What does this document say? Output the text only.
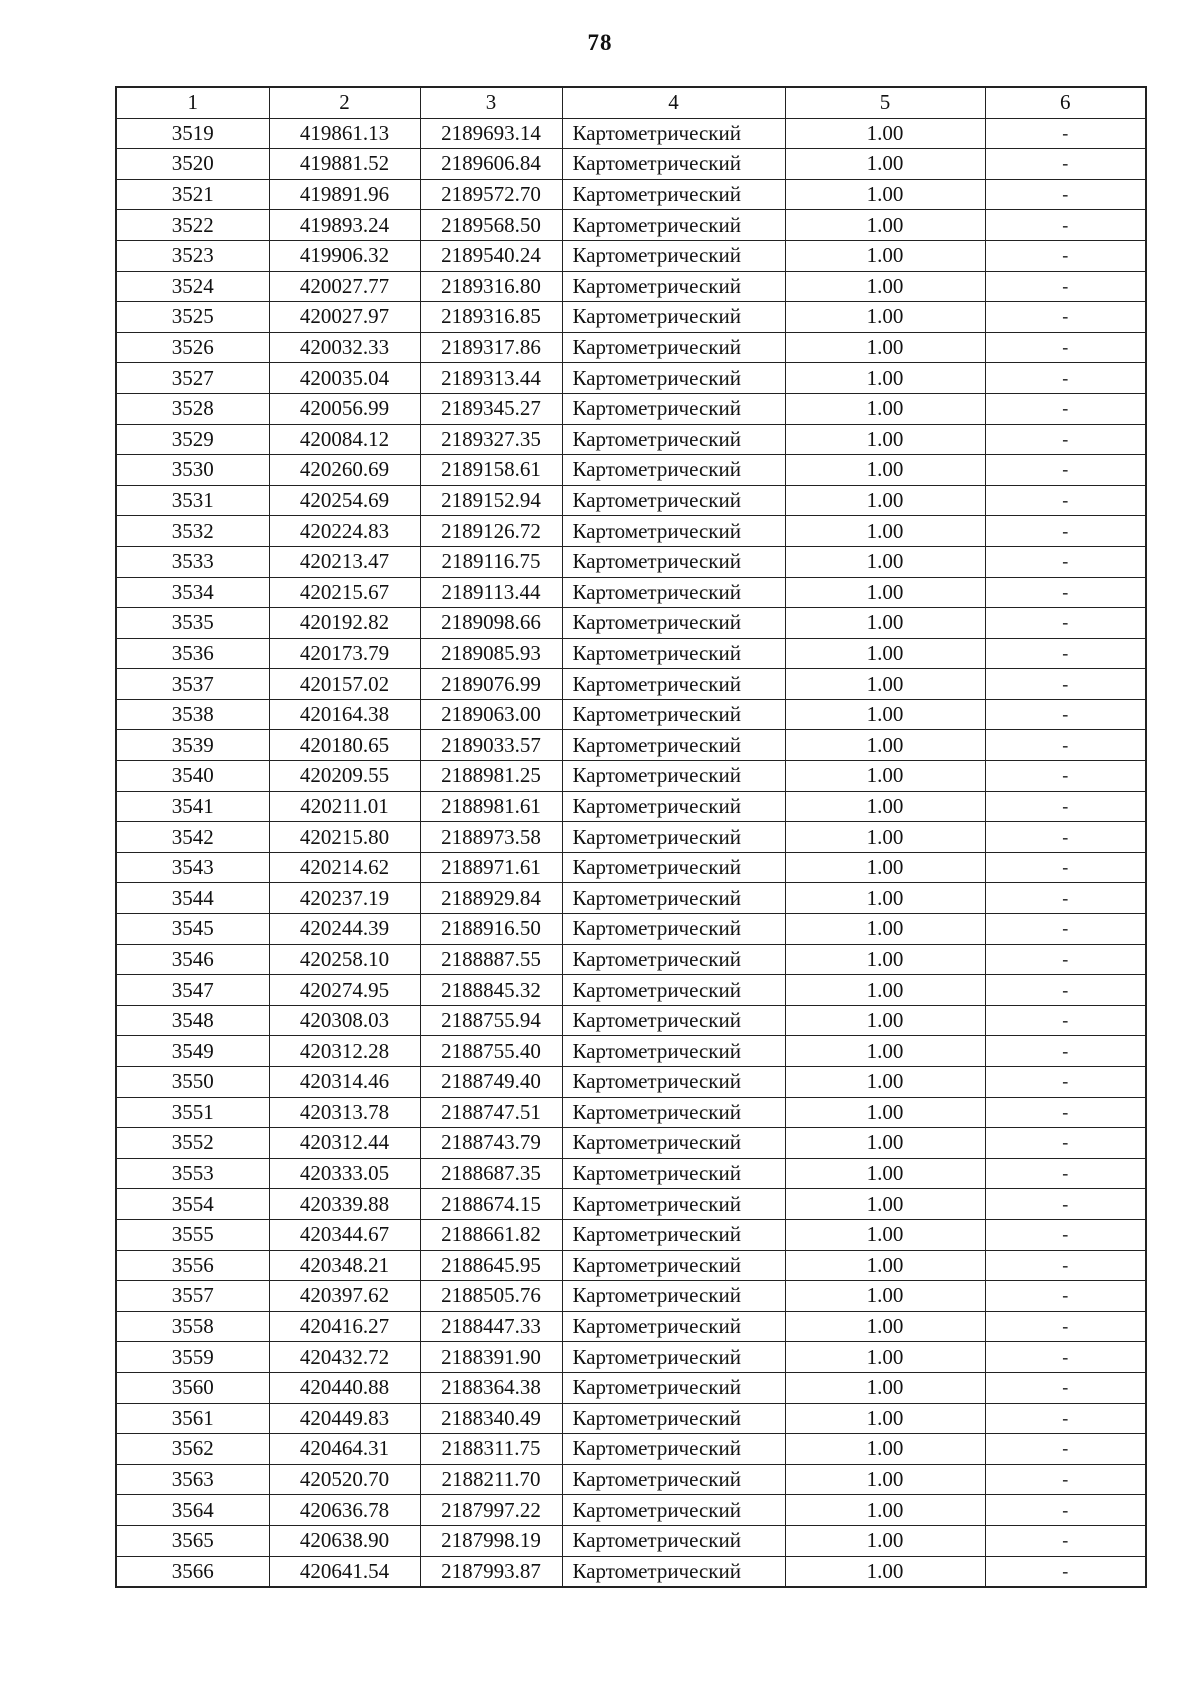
78
1	2	3	4	5	6
3519	419861.13	2189693.14	Картометрический	1.00	-
3520	419881.52	2189606.84	Картометрический	1.00	-
3521	419891.96	2189572.70	Картометрический	1.00	-
3522	419893.24	2189568.50	Картометрический	1.00	-
3523	419906.32	2189540.24	Картометрический	1.00	-
3524	420027.77	2189316.80	Картометрический	1.00	-
3525	420027.97	2189316.85	Картометрический	1.00	-
3526	420032.33	2189317.86	Картометрический	1.00	-
3527	420035.04	2189313.44	Картометрический	1.00	-
3528	420056.99	2189345.27	Картометрический	1.00	-
3529	420084.12	2189327.35	Картометрический	1.00	-
3530	420260.69	2189158.61	Картометрический	1.00	-
3531	420254.69	2189152.94	Картометрический	1.00	-
3532	420224.83	2189126.72	Картометрический	1.00	-
3533	420213.47	2189116.75	Картометрический	1.00	-
3534	420215.67	2189113.44	Картометрический	1.00	-
3535	420192.82	2189098.66	Картометрический	1.00	-
3536	420173.79	2189085.93	Картометрический	1.00	-
3537	420157.02	2189076.99	Картометрический	1.00	-
3538	420164.38	2189063.00	Картометрический	1.00	-
3539	420180.65	2189033.57	Картометрический	1.00	-
3540	420209.55	2188981.25	Картометрический	1.00	-
3541	420211.01	2188981.61	Картометрический	1.00	-
3542	420215.80	2188973.58	Картометрический	1.00	-
3543	420214.62	2188971.61	Картометрический	1.00	-
3544	420237.19	2188929.84	Картометрический	1.00	-
3545	420244.39	2188916.50	Картометрический	1.00	-
3546	420258.10	2188887.55	Картометрический	1.00	-
3547	420274.95	2188845.32	Картометрический	1.00	-
3548	420308.03	2188755.94	Картометрический	1.00	-
3549	420312.28	2188755.40	Картометрический	1.00	-
3550	420314.46	2188749.40	Картометрический	1.00	-
3551	420313.78	2188747.51	Картометрический	1.00	-
3552	420312.44	2188743.79	Картометрический	1.00	-
3553	420333.05	2188687.35	Картометрический	1.00	-
3554	420339.88	2188674.15	Картометрический	1.00	-
3555	420344.67	2188661.82	Картометрический	1.00	-
3556	420348.21	2188645.95	Картометрический	1.00	-
3557	420397.62	2188505.76	Картометрический	1.00	-
3558	420416.27	2188447.33	Картометрический	1.00	-
3559	420432.72	2188391.90	Картометрический	1.00	-
3560	420440.88	2188364.38	Картометрический	1.00	-
3561	420449.83	2188340.49	Картометрический	1.00	-
3562	420464.31	2188311.75	Картометрический	1.00	-
3563	420520.70	2188211.70	Картометрический	1.00	-
3564	420636.78	2187997.22	Картометрический	1.00	-
3565	420638.90	2187998.19	Картометрический	1.00	-
3566	420641.54	2187993.87	Картометрический	1.00	-
